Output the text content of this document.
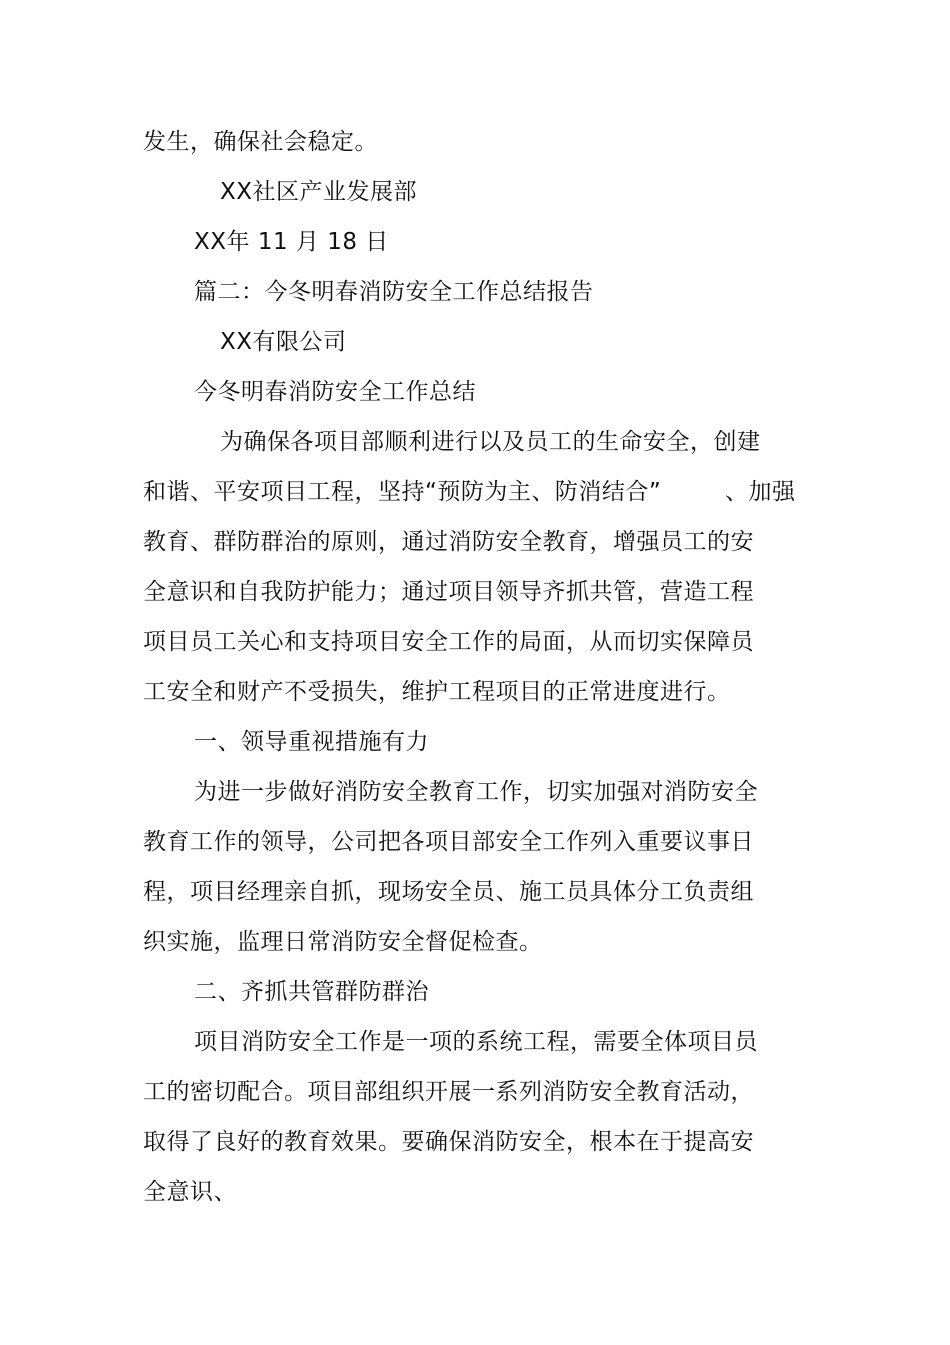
发生，确保社会稳定。
XX社区产业发展部
XX年 11 月 18 日
篇二：今冬明春消防安全工作总结报告
XX有限公司
今冬明春消防安全工作总结
为确保各项目部顺利进行以及员工的生命安全，创建
和谐、平安项目工程，坚持“预防为主、防消结合”	、加强
教育、群防群治的原则，通过消防安全教育，增强员工的安
全意识和自我防护能力；通过项目领导齐抓共管，营造工程
项目员工关心和支持项目安全工作的局面，从而切实保障员
工安全和财产不受损失，维护工程项目的正常进度进行。
一、领导重视措施有力
为进一步做好消防安全教育工作，切实加强对消防安全
教育工作的领导，公司把各项目部安全工作列入重要议事日
程，项目经理亲自抓，现场安全员、施工员具体分工负责组
织实施，监理日常消防安全督促检查。
二、齐抓共管群防群治
项目消防安全工作是一项的系统工程，需要全体项目员
工的密切配合。项目部组织开展一系列消防安全教育活动，
取得了良好的教育效果。要确保消防安全，根本在于提高安
全意识、
